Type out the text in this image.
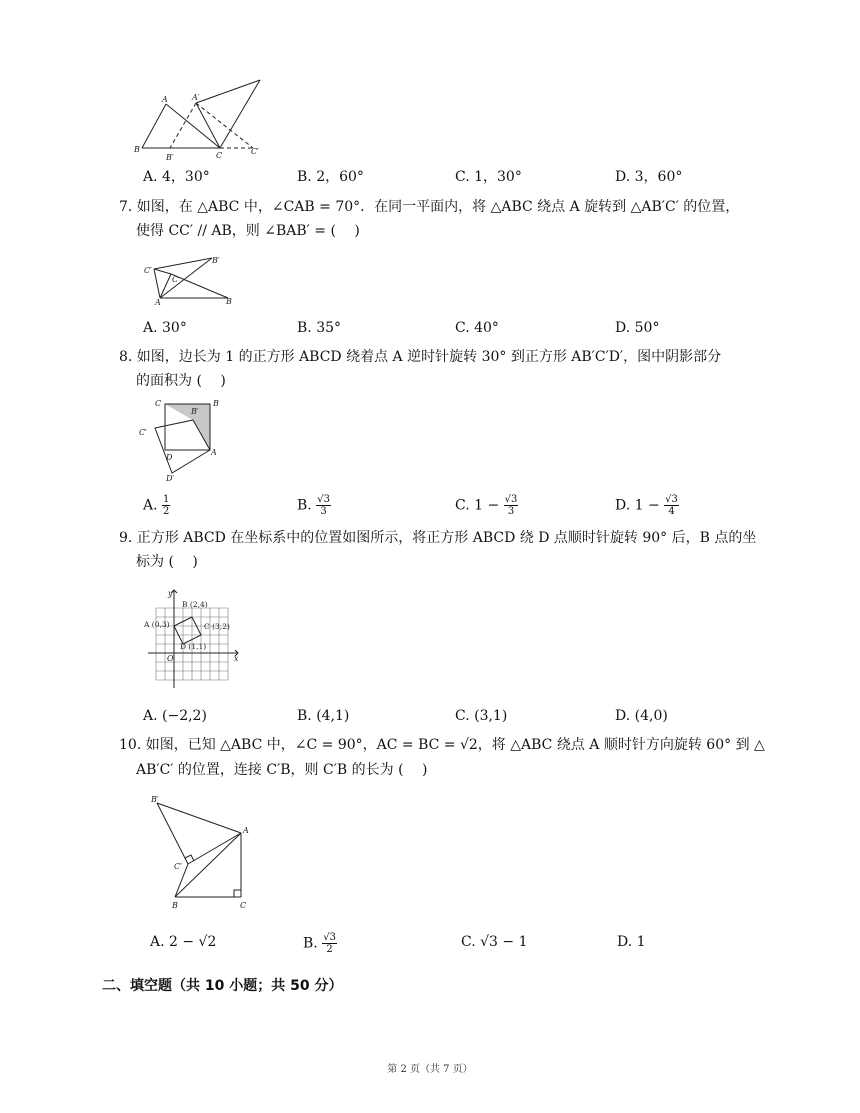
A	A′
B
B′	C	C′
A. 4，30°	B. 2，60°	C. 1，30°	D. 3，60°
7. 如图，在 △ABC 中，∠CAB = 70°．在同一平面内，将 △ABC 绕点 A 旋转到 △AB′C′ 的位置，
使得 CC′ // AB，则 ∠BAB′ = (　 )
A	B
C
B′
C′
A. 30°	B. 35°	C. 40°	D. 50°
8. 如图，边长为 1 的正方形 ABCD 绕着点 A 逆时针旋转 30° 到正方形 AB′C′D′，图中阴影部分
的面积为 (　 )
C	B
B′
C′
D
A
D′
A. $\frac{1}{2}$	B. $\frac{√3}{3}$	C. $1 - \frac{√3}{3}$	D. $1 - \frac{√3}{4}$
9. 正方形 ABCD 在坐标系中的位置如图所示，将正方形 ABCD 绕 D 点顺时针旋转 90° 后，B 点的坐
标为 (　 )
y
x
O
B (2,4)
A (0,3)	C (3,2)
D (1,1)
A. (−2,2)	B. (4,1)	C. (3,1)	D. (4,0)
10. 如图，已知 △ABC 中，∠C = 90°，AC = BC = √2，将 △ABC 绕点 A 顺时针方向旋转 60° 到 △
AB′C′ 的位置，连接 C′B，则 C′B 的长为 (　 )
B′
A
C′
B	C
A. 2 − √2	B. $\frac{√3}{2}$	C. √3 − 1	D. 1
二、填空题（共 10 小题；共 50 分）
第 2 页（共 7 页）
